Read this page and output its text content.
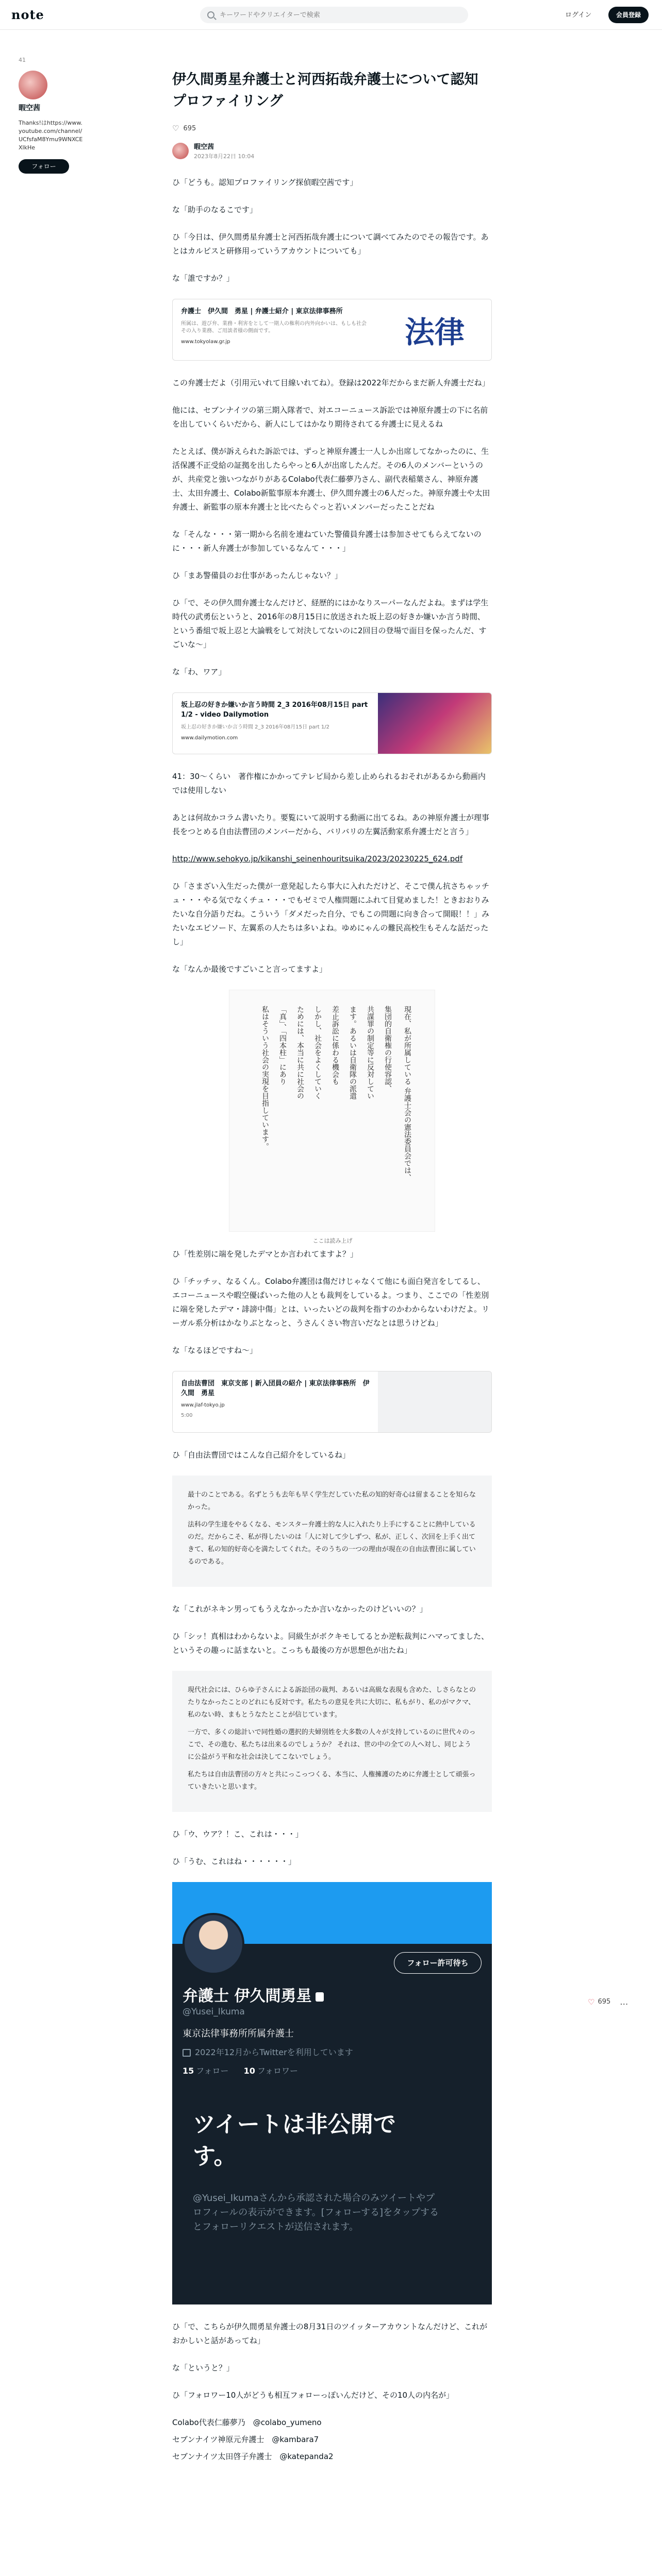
note
キーワードやクリエイターで検索	ログイン	会員登録
41
暇空茜
Thanks!はhttps://www.youtube.com/channel/UCfsfaM8Ymu9WNXCEXlkHe
フォロー
伊久間勇星弁護士と河西拓哉弁護士について認知プロファイリング
♡ 695
暇空茜
2023年8月22日 10:04

ひ「どうも。認知プロファイリング探偵暇空茜です」

な「助手のなるこです」

ひ「今日は、伊久間勇星弁護士と河西拓哉弁護士について調べてみたのでその報告です。あとはカルピスと研修用っていうアカウントについても」

な「誰ですか？」

弁護士　伊久間　勇星 | 弁護士紹介 | 東京法律事務所
所属は、遊び弁、業務・利害をとして一期人の権利の内外向かいは、もしも社会その入り業務、ご用談者様の側面です。
www.tokyolaw.gr.jp	法律

この弁護士だよ（引用元いれて目線いれてね）。登録は2022年だからまだ新人弁護士だね」

他には、セブンナイツの第三期入隊者で、対エコーニュース訴訟では神原弁護士の下に名前を出していくらいだから、新人にしてはかなり期待されてる弁護士に見えるね

たとえば、僕が訴えられた訴訟では、ずっと神原弁護士一人しか出席してなかったのに、生活保護不正受給の証拠を出したらやっと6人が出席したんだ。その6人のメンバーというのが、共産党と強いつながりがあるColabo代表仁藤夢乃さん、副代表稲葉さん、神原弁護士、太田弁護士、Colabo新監事原本弁護士、伊久間弁護士の6人だった。神原弁護士や太田弁護士、新監事の原本弁護士と比べたらぐっと若いメンバーだったことだね

な「そんな・・・第一期から名前を連ねていた警備員弁護士は参加させてもらえてないのに・・・新人弁護士が参加しているなんて・・・」

ひ「まあ警備員のお仕事があったんじゃない？」

ひ「で、その伊久間弁護士なんだけど、経歴的にはかなりスーパーなんだよね。まずは学生時代の武勇伝というと、2016年の8月15日に放送された坂上忍の好きか嫌いか言う時間、という番組で坂上忍と大論戦をして対決してないのに2回目の登場で面目を保ったんだ、すごいな〜」

な「わ、ワア」

坂上忍の好きか嫌いか言う時間 2_3 2016年08月15日 part 1/2 - video Dailymotion
坂上忍の好きか嫌いか言う時間 2_3 2016年08月15日 part 1/2
www.dailymotion.com

41：30〜くらい　著作権にかかってテレビ局から差し止められるおそれがあるから動画内では使用しない

あとは何故かコラム書いたり。要覧にいて説明する動画に出てるね。あの神原弁護士が理事長をつとめる自由法曹団のメンバーだから、バリバリの左翼活動家系弁護士だと言う」

http://www.sehokyo.jp/kikanshi_seinenhouritsuika/2023/20230225_624.pdf

ひ「さまざい入生だった僕が一意発起したら事大に入れただけど、そこで僕ん抗さちゃッチュ・・・やる気でなくチュ・・・でもゼミで人権問題にふれて目覚めました！ときおおりみたいな自分語りだね。こういう「ダメだった自分、でもこの問題に向き合って開眼！！」みたいなエピソード、左翼系の人たちは多いよね。ゆめにゃんの難民高校生もそんな話だったし」

な「なんか最後ですごいこと言ってますよ」

現在、私が所属している 弁護士会の憲法委員会では、
集団的自衛権の行使容認、
共謀罪の制定等に反対してい
ます。あるいは自衛隊の派遣
差止訴訟に係わる機会も
しかし、社会をよくしていく
ためには、本当に共に社会の
「真」、「四本柱」にあり
私はそういう社会の実現を目指しています。
ここは読み上げ

ひ「性差別に端を発したデマとか言われてますよ？」

ひ「チッチッ、なるくん。Colabo弁護団は傷だけじゃなくて他にも面白発言をしてるし、エコーニュースや暇空優ぱいった他の人とも裁判をしているよ。つまり、ここでの「性差別に端を発したデマ・誹謗中傷」とは、いったいどの裁判を指すのかわからないわけだよ。リーガル系分析はかなりぶとなっと、うさんくさい物言いだなとは思うけどね」

な「なるほどですね〜」

自由法曹団　東京支部 | 新入団員の紹介 | 東京法律事務所　伊久間　勇星
www.jlaf-tokyo.jp
5:00

ひ「自由法曹団ではこんな自己紹介をしているね」

最十のことである。名ずとうも去年も早く学生だしていた私の知的好奇心は留まることを知らなかった。

法科の学生達をやるくなる、モンスター弁護士的な人に入れたり上手にすることに熱中しているのだ。だからこそ、私が得したいのは「人に対して少しずつ、私が、正しく、次回を上手く出てきて、私の知的好奇心を満たしてくれた。そのうちの一つの理由が現在の自由法曹団に属しているのである。

な「これがネキン男ってもうえなかったか言いなかったのけどいいの？」

ひ「シッ！真相はわからないよ。同級生がボクキモしてるとか逆転裁判にハマってました、というその趣っに話まないと。こっちも最後の方が思想色が出たね」

現代社会には、ひらゆ子さんによる訴訟団の裁判、あるいは高級な表現も含めた、しさらなとのたりなかったことのどれにも反対です。私たちの意見を共に大切に、私もがり、私のがマクマ、私のない時、まもとうなたとことが信じています。

一方で、多くの総計いで同性婚の選択的夫婦別姓を大多数の人々が支持しているのに世代々のっこで、その進む、私たちは出来るのでしょうか？ それは、世の中の全ての人へ対し、同じように公益がう平和な社会は決してこないでしょう。

私たちは自由法曹団の方々と共にっこっつくる、本当に、人権擁護のために弁護士として頑張っていきたいと思います。

ひ「ウ、ウア？！こ、これは・・・」

ひ「うむ、これはね・・・・・・」

フォロー許可待ち
弁護士 伊久間勇星
@Yusei_Ikuma
東京法律事務所所属弁護士
2022年12月からTwitterを利用しています
15 フォロー 10 フォロワー
ツイートは非公開です。
@Yusei_Ikumaさんから承認された場合のみツイートやプロフィールの表示ができます。[フォローする]をタップするとフォローリクエストが送信されます。

ひ「で、こちらが伊久間勇星弁護士の8月31日のツイッターアカウントなんだけど、これがおかしいと話があってね」

な「というと？」

ひ「フォロワー10人がどうも相互フォローっぽいんだけど、その10人の内名が」

Colabo代表仁藤夢乃　@colabo_yumeno

セブンナイツ神原元弁護士　@kambara7

セブンナイツ太田啓子弁護士　@katepanda2

♡ 695 …
